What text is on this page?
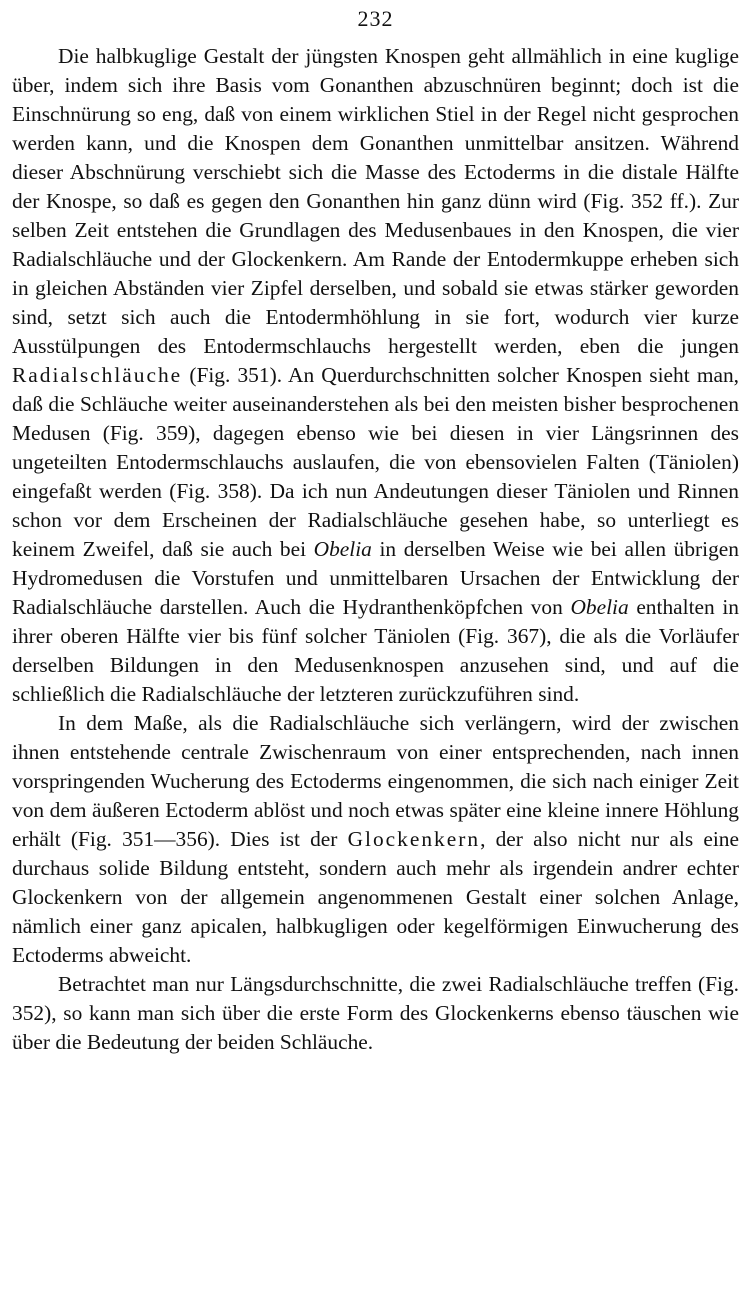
232

Die halbkuglige Gestalt der jüngsten Knospen geht allmählich in eine kuglige über, indem sich ihre Basis vom Gonanthen abzuschnüren beginnt; doch ist die Einschnürung so eng, daß von einem wirklichen Stiel in der Regel nicht gesprochen werden kann, und die Knospen dem Gonanthen unmittelbar ansitzen. Während dieser Abschnürung verschiebt sich die Masse des Ectoderms in die distale Hälfte der Knospe, so daß es gegen den Gonanthen hin ganz dünn wird (Fig. 352 ff.). Zur selben Zeit entstehen die Grundlagen des Medusenbaues in den Knospen, die vier Radialschläuche und der Glockenkern. Am Rande der Entodermkuppe erheben sich in gleichen Abständen vier Zipfel derselben, und sobald sie etwas stärker geworden sind, setzt sich auch die Entodermhöhlung in sie fort, wodurch vier kurze Ausstülpungen des Entodermschlauchs hergestellt werden, eben die jungen Radialschläuche (Fig. 351). An Querdurchschnitten solcher Knospen sieht man, daß die Schläuche weiter auseinanderstehen als bei den meisten bisher besprochenen Medusen (Fig. 359), dagegen ebenso wie bei diesen in vier Längsrinnen des ungeteilten Entodermschlauchs auslaufen, die von ebensovielen Falten (Täniolen) eingefaßt werden (Fig. 358). Da ich nun Andeutungen dieser Täniolen und Rinnen schon vor dem Erscheinen der Radialschläuche gesehen habe, so unterliegt es keinem Zweifel, daß sie auch bei Obelia in derselben Weise wie bei allen übrigen Hydromedusen die Vorstufen und unmittelbaren Ursachen der Entwicklung der Radialschläuche darstellen. Auch die Hydranthenköpfchen von Obelia enthalten in ihrer oberen Hälfte vier bis fünf solcher Täniolen (Fig. 367), die als die Vorläufer derselben Bildungen in den Medusenknospen anzusehen sind, und auf die schließlich die Radialschläuche der letzteren zurückzuführen sind.

In dem Maße, als die Radialschläuche sich verlängern, wird der zwischen ihnen entstehende centrale Zwischenraum von einer entsprechenden, nach innen vorspringenden Wucherung des Ectoderms eingenommen, die sich nach einiger Zeit von dem äußeren Ectoderm ablöst und noch etwas später eine kleine innere Höhlung erhält (Fig. 351—356). Dies ist der Glockenkern, der also nicht nur als eine durchaus solide Bildung entsteht, sondern auch mehr als irgendein andrer echter Glockenkern von der allgemein angenommenen Gestalt einer solchen Anlage, nämlich einer ganz apicalen, halbkugligen oder kegelförmigen Einwucherung des Ectoderms abweicht.

Betrachtet man nur Längsdurchschnitte, die zwei Radialschläuche treffen (Fig. 352), so kann man sich über die erste Form des Glockenkerns ebenso täuschen wie über die Bedeutung der beiden Schläuche.
